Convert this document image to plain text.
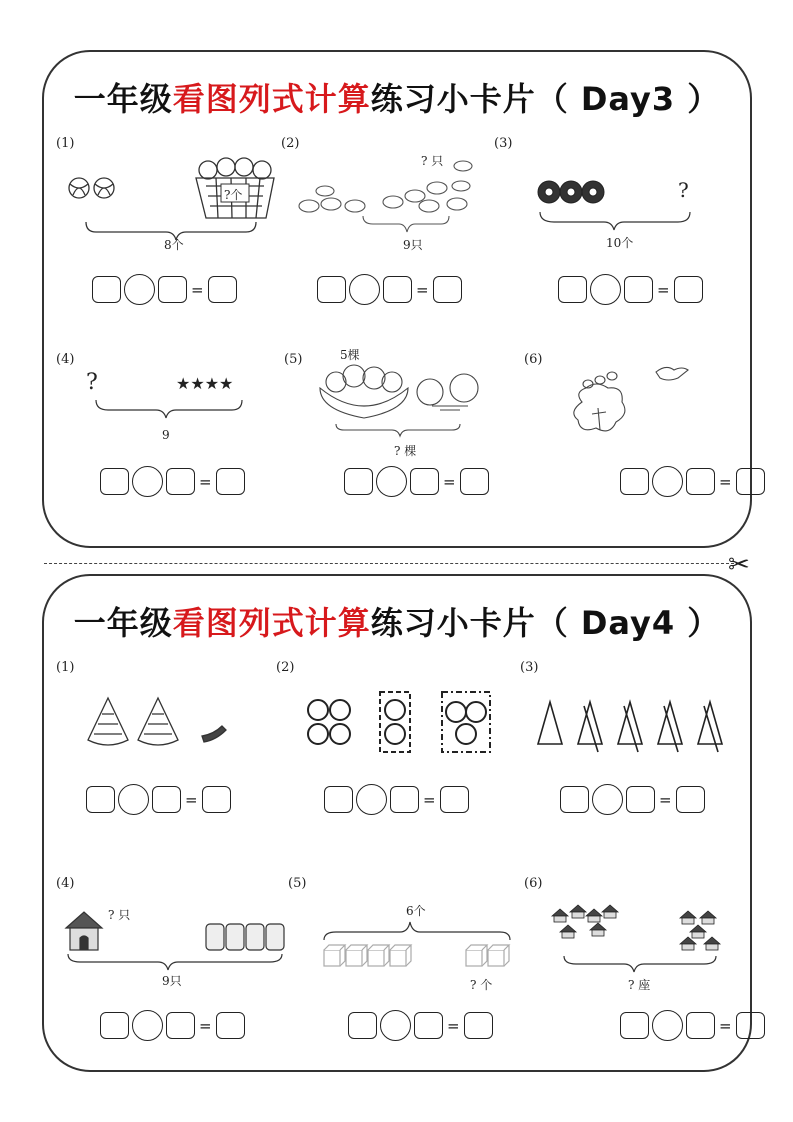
一年级看图列式计算练习小卡片（ Day3 ）
(1)
?个
8个
=
(2)
? 只
9只
=
(3)
?
10个
=
(4)
?	★★★★
9
=
(5)	5棵
? 棵
=
(6)
=
✂
一年级看图列式计算练习小卡片（ Day4 ）
(1)
=
(2)
=
(3)
=
(4)
? 只
9只
=
(5)
6个
? 个
=
(6)
? 座
=
